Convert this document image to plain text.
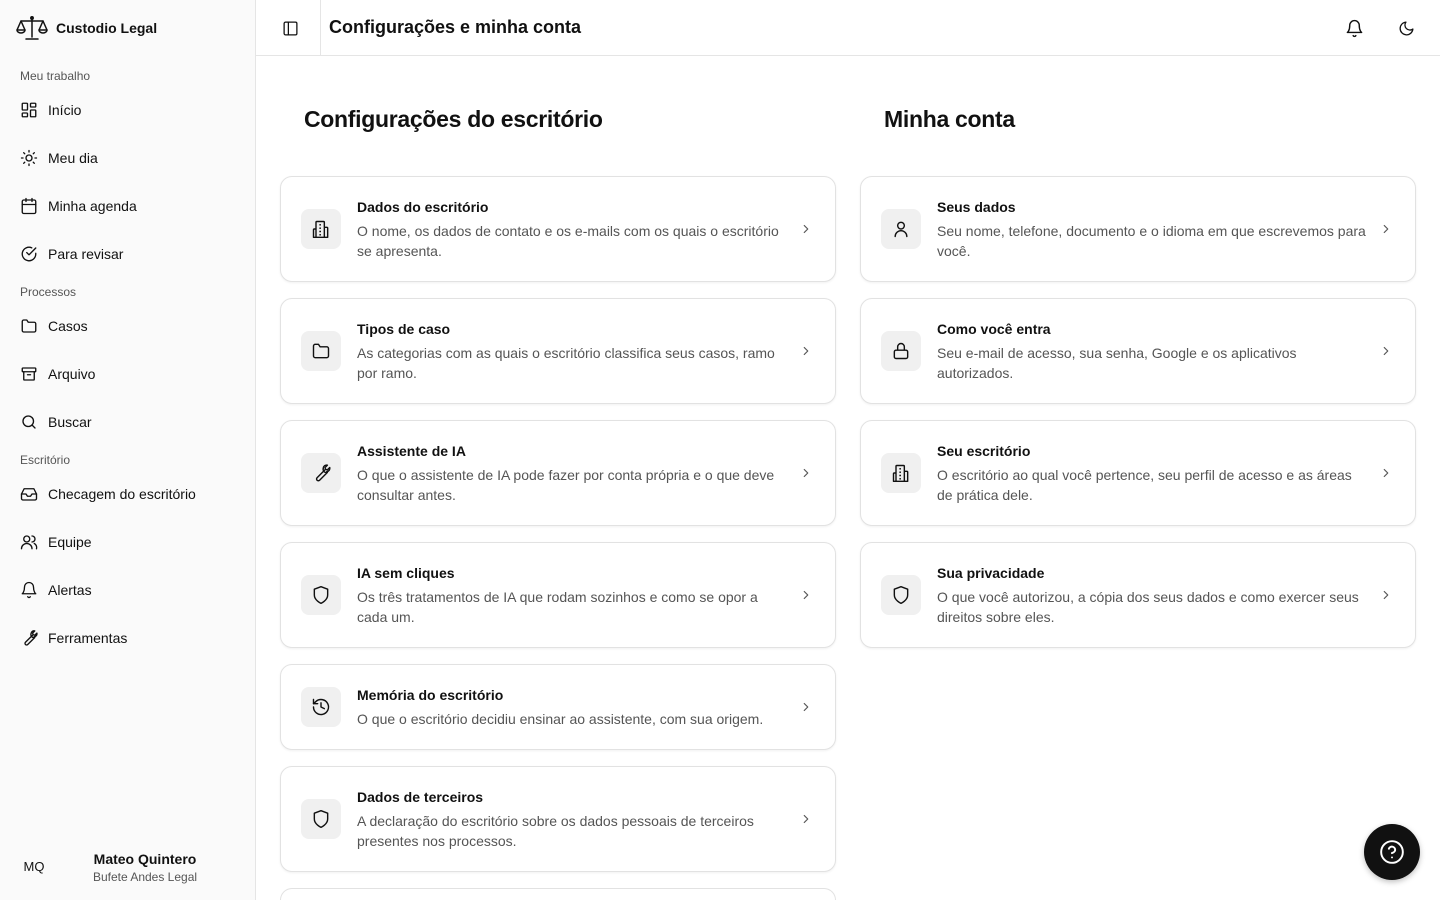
Custodio Legal
Meu trabalho
Início
Meu dia
Minha agenda
Para revisar
Processos
Casos
Arquivo
Buscar
Escritório
Checagem do escritório
Equipe
Alertas
Ferramentas
MQ	Mateo Quintero
Bufete Andes Legal
Configurações e minha conta
Configurações do escritório	Minha conta
Dados do escritório
O nome, os dados de contato e os e-mails com os quais o escritório se apresenta.
Tipos de caso
As categorias com as quais o escritório classifica seus casos, ramo por ramo.
Assistente de IA
O que o assistente de IA pode fazer por conta própria e o que deve consultar antes.
IA sem cliques
Os três tratamentos de IA que rodam sozinhos e como se opor a cada um.
Memória do escritório
O que o escritório decidiu ensinar ao assistente, com sua origem.
Dados de terceiros
A declaração do escritório sobre os dados pessoais de terceiros presentes nos processos.
Seus dados
Seu nome, telefone, documento e o idioma em que escrevemos para você.
Como você entra
Seu e-mail de acesso, sua senha, Google e os aplicativos autorizados.
Seu escritório
O escritório ao qual você pertence, seu perfil de acesso e as áreas de prática dele.
Sua privacidade
O que você autorizou, a cópia dos seus dados e como exercer seus direitos sobre eles.
